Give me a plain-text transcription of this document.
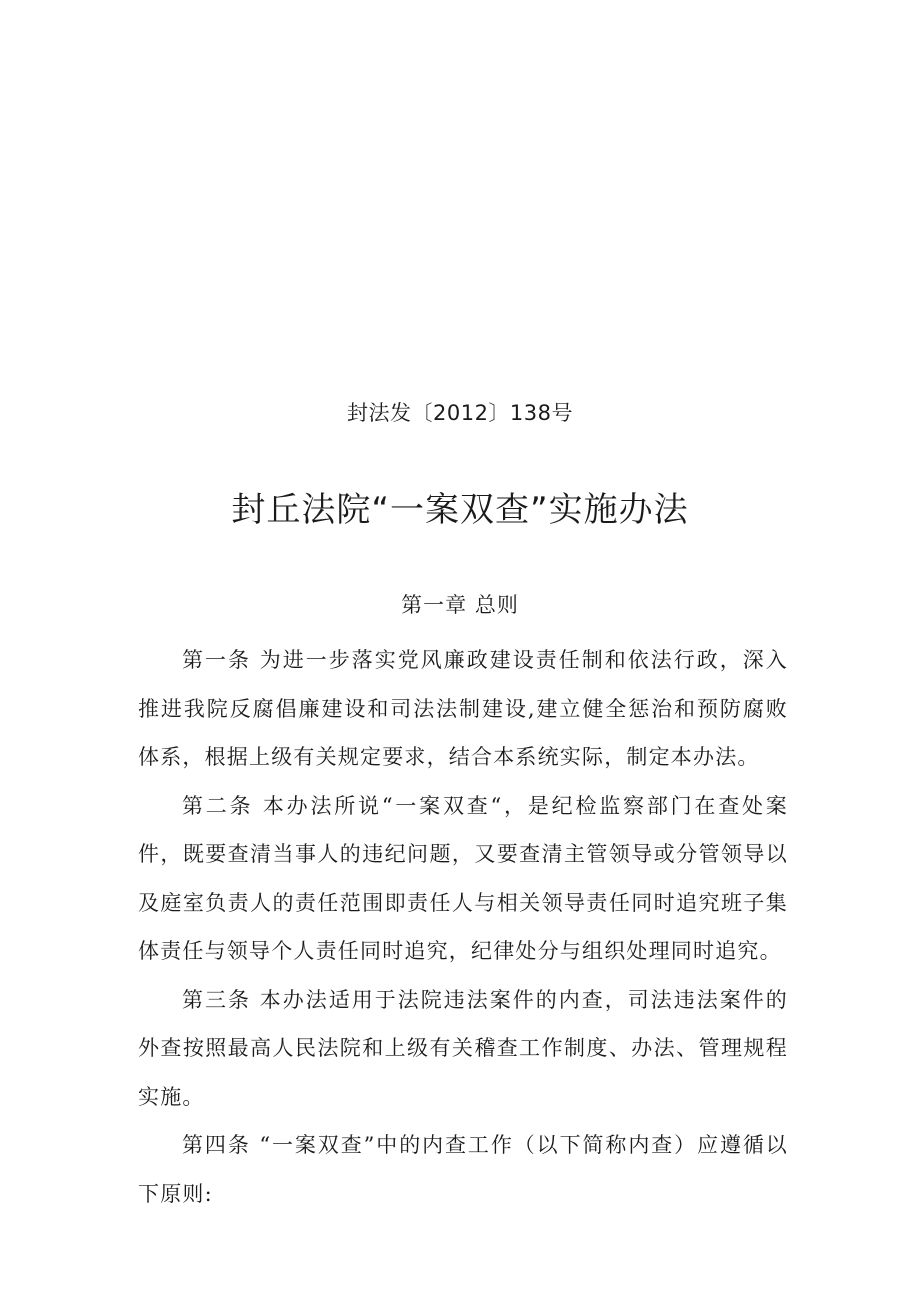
封法发〔2012〕138号
封丘法院“一案双查”实施办法
第一章 总则

第一条 为进一步落实党风廉政建设责任制和依法行政，深入推进我院反腐倡廉建设和司法法制建设,建立健全惩治和预防腐败体系，根据上级有关规定要求，结合本系统实际，制定本办法。

第二条 本办法所说“一案双查“，是纪检监察部门在查处案件，既要查清当事人的违纪问题，又要查清主管领导或分管领导以及庭室负责人的责任范围即责任人与相关领导责任同时追究班子集体责任与领导个人责任同时追究，纪律处分与组织处理同时追究。

第三条 本办法适用于法院违法案件的内查，司法违法案件的外查按照最高人民法院和上级有关稽查工作制度、办法、管理规程实施。

第四条 “一案双查”中的内查工作（以下简称内查）应遵循以下原则:
